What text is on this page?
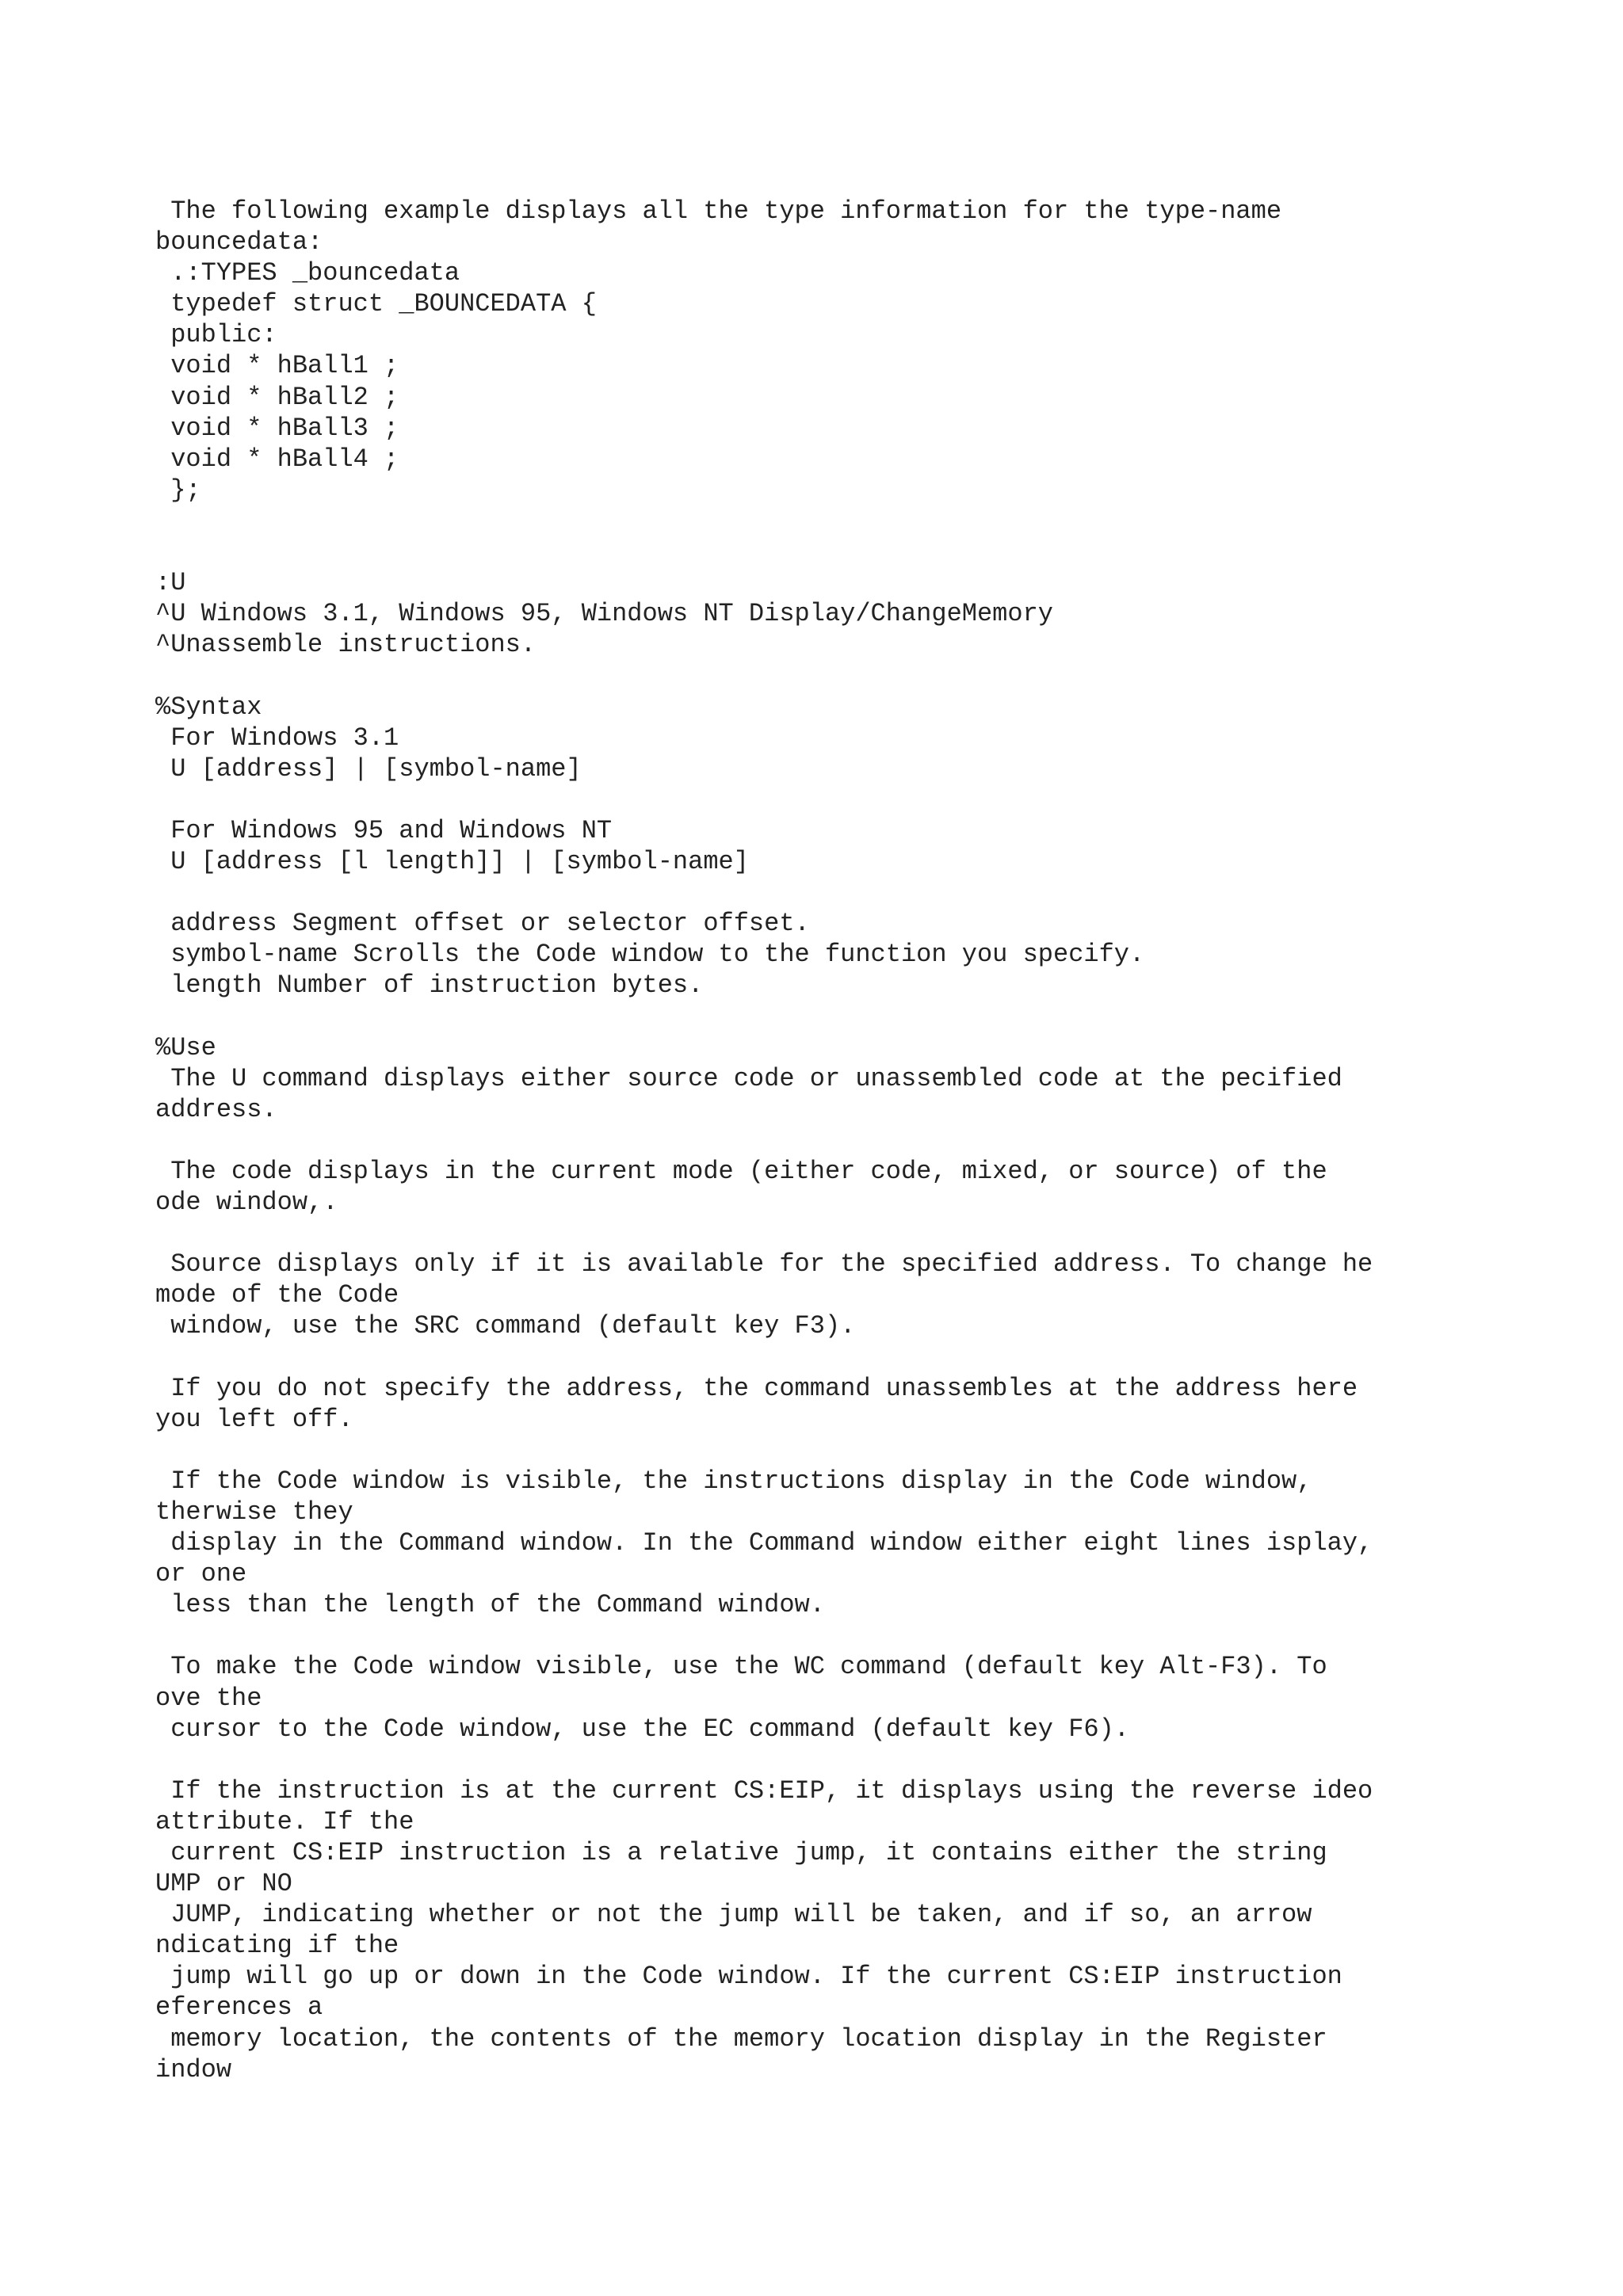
The following example displays all the type information for the type-name
bouncedata:
.:TYPES _bouncedata
typedef struct _BOUNCEDATA {
public:
void * hBall1 ;
void * hBall2 ;
void * hBall3 ;
void * hBall4 ;
};
:U
^U Windows 3.1, Windows 95, Windows NT Display/ChangeMemory
^Unassemble instructions.
%Syntax
For Windows 3.1
U [address] | [symbol-name]
For Windows 95 and Windows NT
U [address [l length]] | [symbol-name]
address Segment offset or selector offset.
symbol-name Scrolls the Code window to the function you specify.
length Number of instruction bytes.
%Use
The U command displays either source code or unassembled code at the pecified
address.
The code displays in the current mode (either code, mixed, or source) of the
ode window,.
Source displays only if it is available for the specified address. To change he
mode of the Code
window, use the SRC command (default key F3).
If you do not specify the address, the command unassembles at the address here
you left off.
If the Code window is visible, the instructions display in the Code window,
therwise they
display in the Command window. In the Command window either eight lines isplay,
or one
less than the length of the Command window.
To make the Code window visible, use the WC command (default key Alt-F3). To
ove the
cursor to the Code window, use the EC command (default key F6).
If the instruction is at the current CS:EIP, it displays using the reverse ideo
attribute. If the
current CS:EIP instruction is a relative jump, it contains either the string
UMP or NO
JUMP, indicating whether or not the jump will be taken, and if so, an arrow
ndicating if the
jump will go up or down in the Code window. If the current CS:EIP instruction
eferences a
memory location, the contents of the memory location display in the Register
indow
